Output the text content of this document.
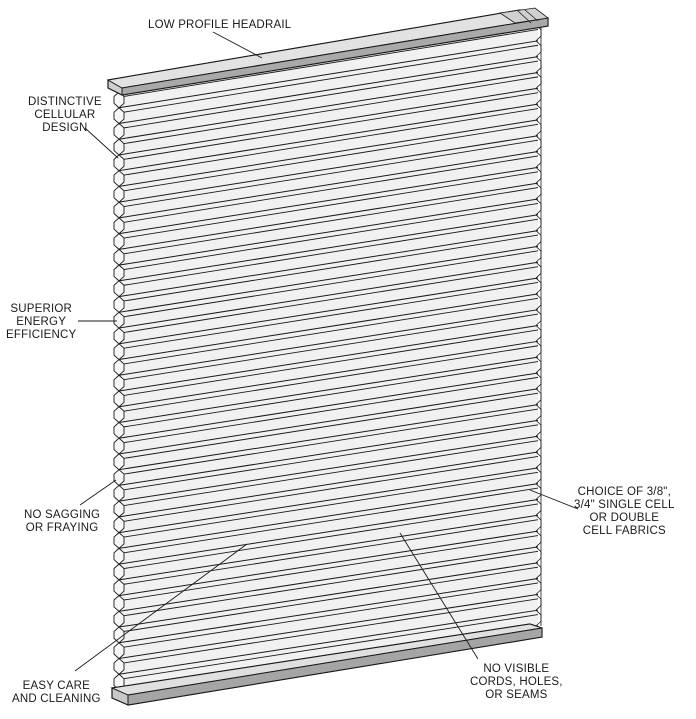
LOW PROFILE HEADRAIL
DISTINCTIVE
CELLULAR
DESIGN
SUPERIOR
ENERGY
EFFICIENCY
NO SAGGING
OR FRAYING
EASY CARE
AND CLEANING
NO VISIBLE
CORDS, HOLES,
OR SEAMS
CHOICE OF 3/8",
3/4" SINGLE CELL
OR DOUBLE
CELL FABRICS
